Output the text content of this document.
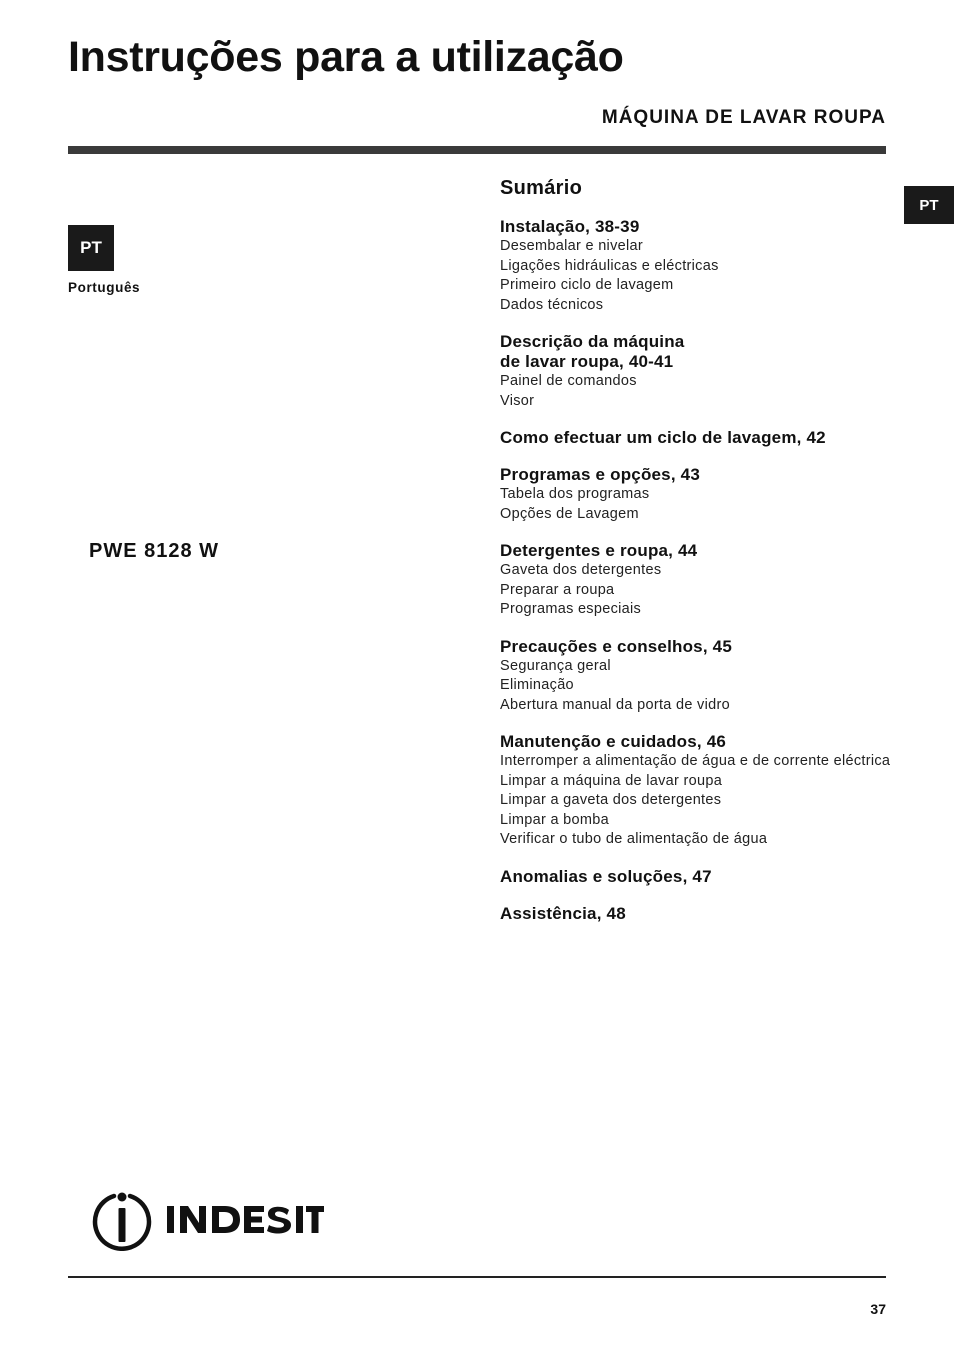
Instruções para a utilização
MÁQUINA DE LAVAR ROUPA
PT
PT
Português
PWE 8128 W
Sumário
Instalação, 38-39
Desembalar e nivelar
Ligações hidráulicas e eléctricas
Primeiro ciclo de lavagem
Dados técnicos
Descrição da máquina
de lavar roupa, 40-41
Painel de comandos
Visor
Como efectuar um ciclo de lavagem, 42
Programas e opções, 43
Tabela dos programas
Opções de Lavagem
Detergentes e roupa, 44
Gaveta dos detergentes
Preparar a roupa
Programas especiais
Precauções e conselhos, 45
Segurança geral
Eliminação
Abertura manual da porta de vidro
Manutenção e cuidados, 46
Interromper a alimentação de água e de corrente eléctrica
Limpar a máquina de lavar roupa
Limpar a gaveta dos detergentes
Limpar a bomba
Verificar o tubo de alimentação de água
Anomalias e soluções, 47
Assistência, 48
37
